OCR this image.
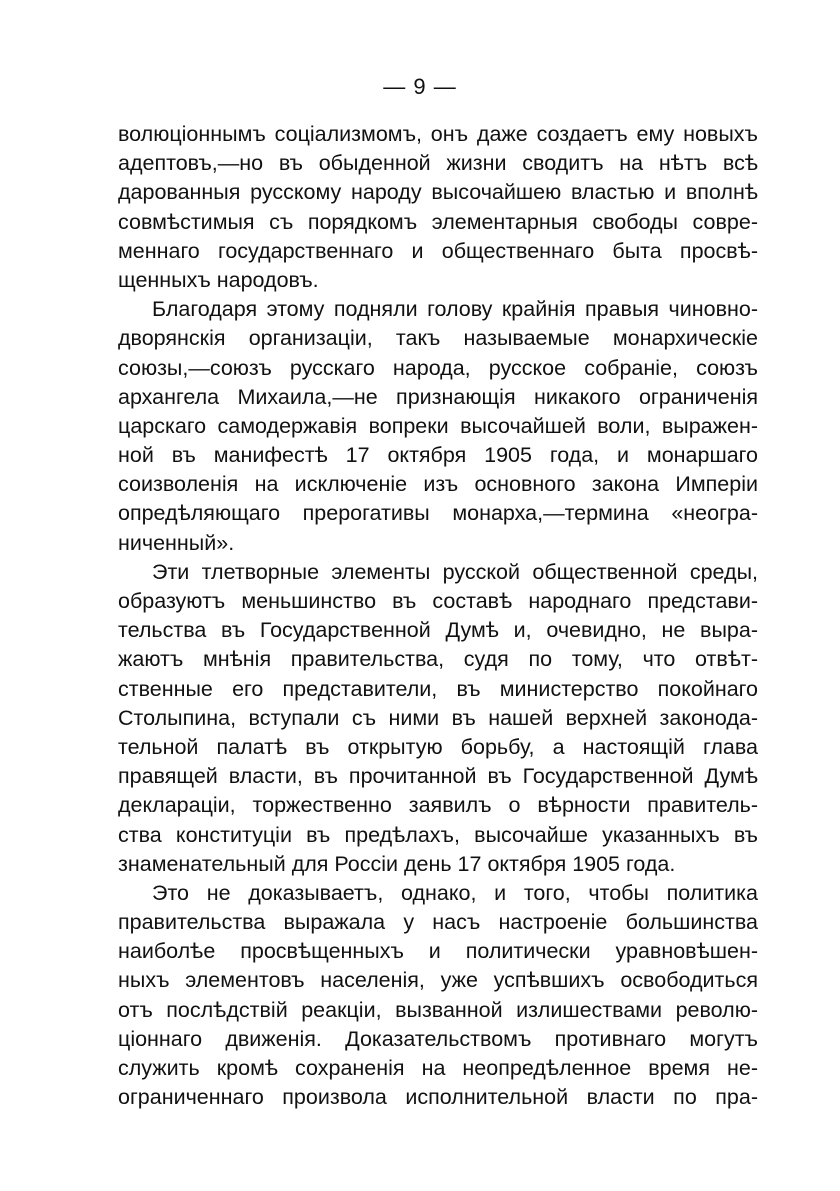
— 9 —
волюціоннымъ соціализмомъ, онъ даже создаетъ ему новыхъ
адептовъ,—но въ обыденной жизни сводитъ на нѣтъ всѣ
дарованныя русскому народу высочайшею властью и вполнѣ
совмѣстимыя съ порядкомъ элементарныя свободы совре-
меннаго государственнаго и общественнаго быта просвѣ-
щенныхъ народовъ.
Благодаря этому подняли голову крайнія правыя чиновно-
дворянскія организаціи, такъ называемые монархическіе
союзы,—союзъ русскаго народа, русское собраніе, союзъ
архангела Михаила,—не признающія никакого ограниченія
царскаго самодержавія вопреки высочайшей воли, выражен-
ной въ манифестѣ 17 октября 1905 года, и монаршаго
соизволенія на исключеніе изъ основного закона Имперіи
опредѣляющаго прерогативы монарха,—термина «неогра-
ниченный».
Эти тлетворные элементы русской общественной среды,
образуютъ меньшинство въ составѣ народнаго представи-
тельства въ Государственной Думѣ и, очевидно, не выра-
жаютъ мнѣнія правительства, судя по тому, что отвѣт-
ственные его представители, въ министерство покойнаго
Столыпина, вступали съ ними въ нашей верхней законода-
тельной палатѣ въ открытую борьбу, а настоящій глава
правящей власти, въ прочитанной въ Государственной Думѣ
деклараціи, торжественно заявилъ о вѣрности правитель-
ства конституціи въ предѣлахъ, высочайше указанныхъ въ
знаменательный для Россіи день 17 октября 1905 года.
Это не доказываетъ, однако, и того, чтобы политика
правительства выражала у насъ настроеніе большинства
наиболѣе просвѣщенныхъ и политически уравновѣшен-
ныхъ элементовъ населенія, уже успѣвшихъ освободиться
отъ послѣдствій реакціи, вызванной излишествами револю-
ціоннаго движенія. Доказательствомъ противнаго могутъ
служить кромѣ сохраненія на неопредѣленное время не-
ограниченнаго произвола исполнительной власти по пра-
